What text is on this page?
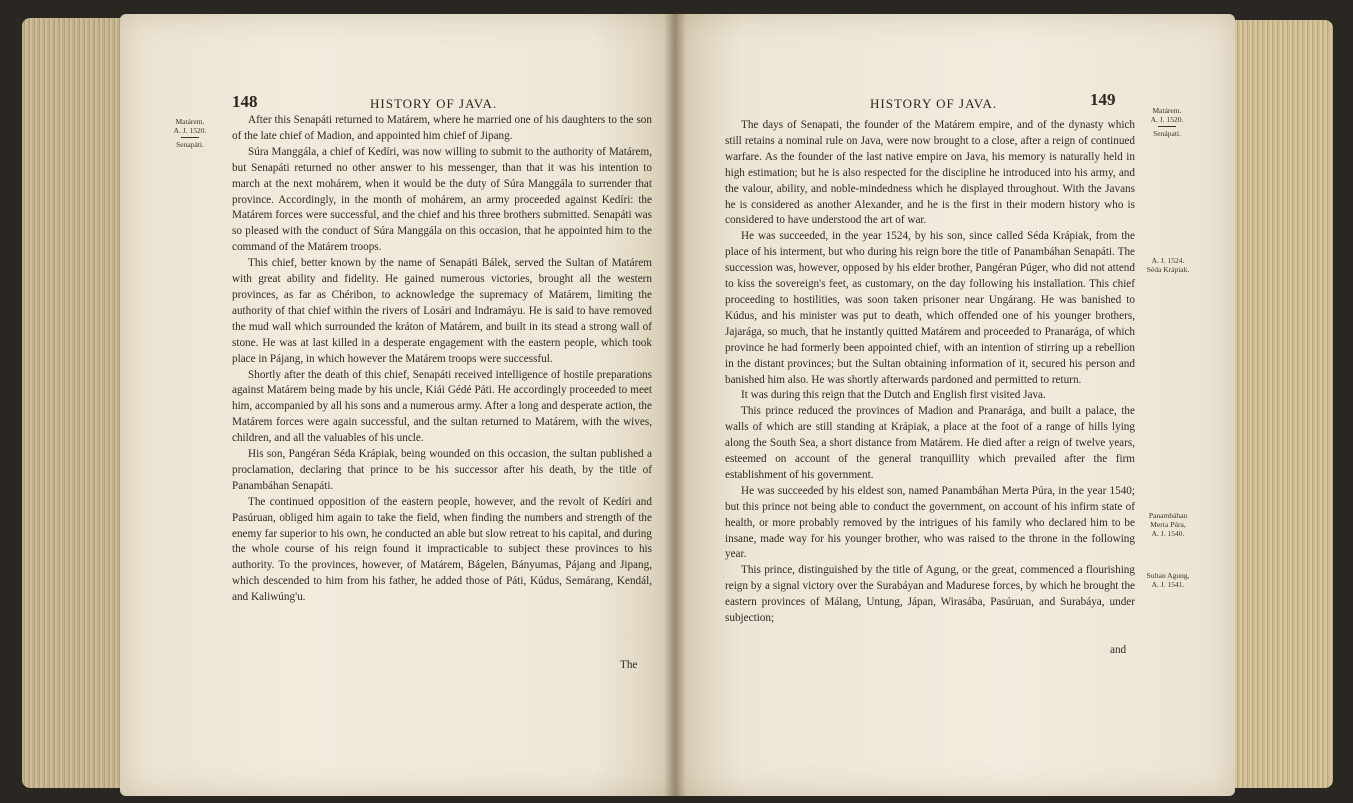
148	HISTORY OF JAVA.
Matárem.
A. J. 1520.
Senapáti.

After this Senapáti returned to Matárem, where he married one of his daughters to the son of the late chief of Madion, and appointed him chief of Jipang.

Súra Manggála, a chief of Kedíri, was now willing to submit to the authority of Matárem, but Senapáti returned no other answer to his messenger, than that it was his intention to march at the next mohárem, when it would be the duty of Súra Manggála to surrender that province. Accordingly, in the month of mohárem, an army proceeded against Kedíri: the Matárem forces were successful, and the chief and his three brothers submitted. Senapáti was so pleased with the conduct of Súra Manggála on this occasion, that he appointed him to the command of the Matárem troops.

This chief, better known by the name of Senapáti Bálek, served the Sultan of Matárem with great ability and fidelity. He gained numerous victories, brought all the western provinces, as far as Chéribon, to acknowledge the supremacy of Matárem, limiting the authority of that chief within the rivers of Losári and Indramáyu. He is said to have removed the mud wall which surrounded the kráton of Matárem, and built in its stead a strong wall of stone. He was at last killed in a desperate engagement with the eastern people, which took place in Pájang, in which however the Matárem troops were successful.

Shortly after the death of this chief, Senapáti received intelligence of hostile preparations against Matárem being made by his uncle, Kiái Gédé Páti. He accordingly proceeded to meet him, accompanied by all his sons and a numerous army. After a long and desperate action, the Matárem forces were again successful, and the sultan returned to Matárem, with the wives, children, and all the valuables of his uncle.

His son, Pangéran Séda Krápiak, being wounded on this occasion, the sultan published a proclamation, declaring that prince to be his successor after his death, by the title of Panambáhan Senapáti.

The continued opposition of the eastern people, however, and the revolt of Kedíri and Pasúruan, obliged him again to take the field, when finding the numbers and strength of the enemy far superior to his own, he conducted an able but slow retreat to his capital, and during the whole course of his reign found it impracticable to subject these provinces to his authority. To the provinces, however, of Matárem, Bágelen, Bányumas, Pájang and Jipang, which descended to him from his father, he added those of Páti, Kúdus, Semárang, Kendál, and Kaliwúng'u.

The
HISTORY OF JAVA.	149

The days of Senapati, the founder of the Matárem empire, and of the dynasty which still retains a nominal rule on Java, were now brought to a close, after a reign of continued warfare. As the founder of the last native empire on Java, his memory is naturally held in high estimation; but he is also respected for the discipline he introduced into his army, and the valour, ability, and noble-mindedness which he displayed throughout. With the Javans he is considered as another Alexander, and he is the first in their modern history who is considered to have understood the art of war.

He was succeeded, in the year 1524, by his son, since called Séda Krápiak, from the place of his interment, but who during his reign bore the title of Panambáhan Senapáti. The succession was, however, opposed by his elder brother, Pangéran Púger, who did not attend to kiss the sovereign's feet, as customary, on the day following his installation. This chief proceeding to hostilities, was soon taken prisoner near Ungárang. He was banished to Kúdus, and his minister was put to death, which offended one of his younger brothers, Jajarága, so much, that he instantly quitted Matárem and proceeded to Pranarága, of which province he had formerly been appointed chief, with an intention of stirring up a rebellion in the distant provinces; but the Sultan obtaining information of it, secured his person and banished him also. He was shortly afterwards pardoned and permitted to return.

It was during this reign that the Dutch and English first visited Java.

This prince reduced the provinces of Madion and Pranarága, and built a palace, the walls of which are still standing at Krápiak, a place at the foot of a range of hills lying along the South Sea, a short distance from Matárem. He died after a reign of twelve years, esteemed on account of the general tranquillity which prevailed after the firm establishment of his government.

He was succeeded by his eldest son, named Panambáhan Merta Púra, in the year 1540; but this prince not being able to conduct the government, on account of his infirm state of health, or more probably removed by the intrigues of his family who declared him to be insane, made way for his younger brother, who was raised to the throne in the following year.

This prince, distinguished by the title of Agung, or the great, commenced a flourishing reign by a signal victory over the Surabáyan and Madurese forces, by which he brought the eastern provinces of Málang, Untung, Jápan, Wirasába, Pasúruan, and Surabáya, under subjection;

and
Matárem.
A. J. 1520.
Senápati.
A. J. 1524.
Séda Krápiak.
Panambáhan
Merta Púra,
A. J. 1540.
Sultan Agung,
A. J. 1541.
